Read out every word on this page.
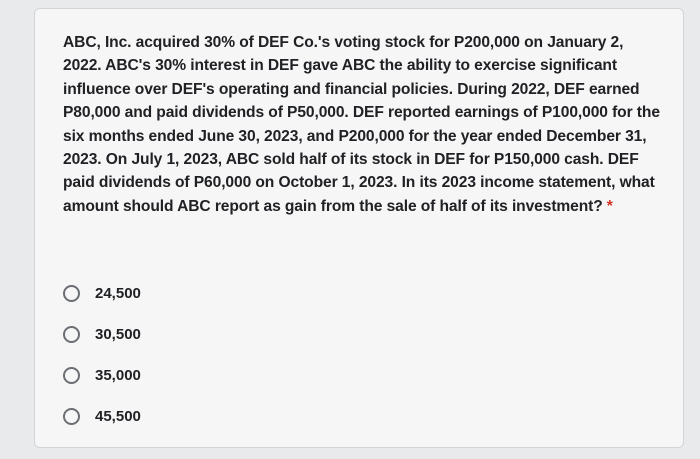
ABC, Inc. acquired 30% of DEF Co.'s voting stock for P200,000 on January 2, 2022. ABC's 30% interest in DEF gave ABC the ability to exercise significant influence over DEF's operating and financial policies. During 2022, DEF earned P80,000 and paid dividends of P50,000. DEF reported earnings of P100,000 for the six months ended June 30, 2023, and P200,000 for the year ended December 31, 2023. On July 1, 2023, ABC sold half of its stock in DEF for P150,000 cash. DEF paid dividends of P60,000 on October 1, 2023. In its 2023 income statement, what amount should ABC report as gain from the sale of half of its investment? *
24,500
30,500
35,000
45,500
